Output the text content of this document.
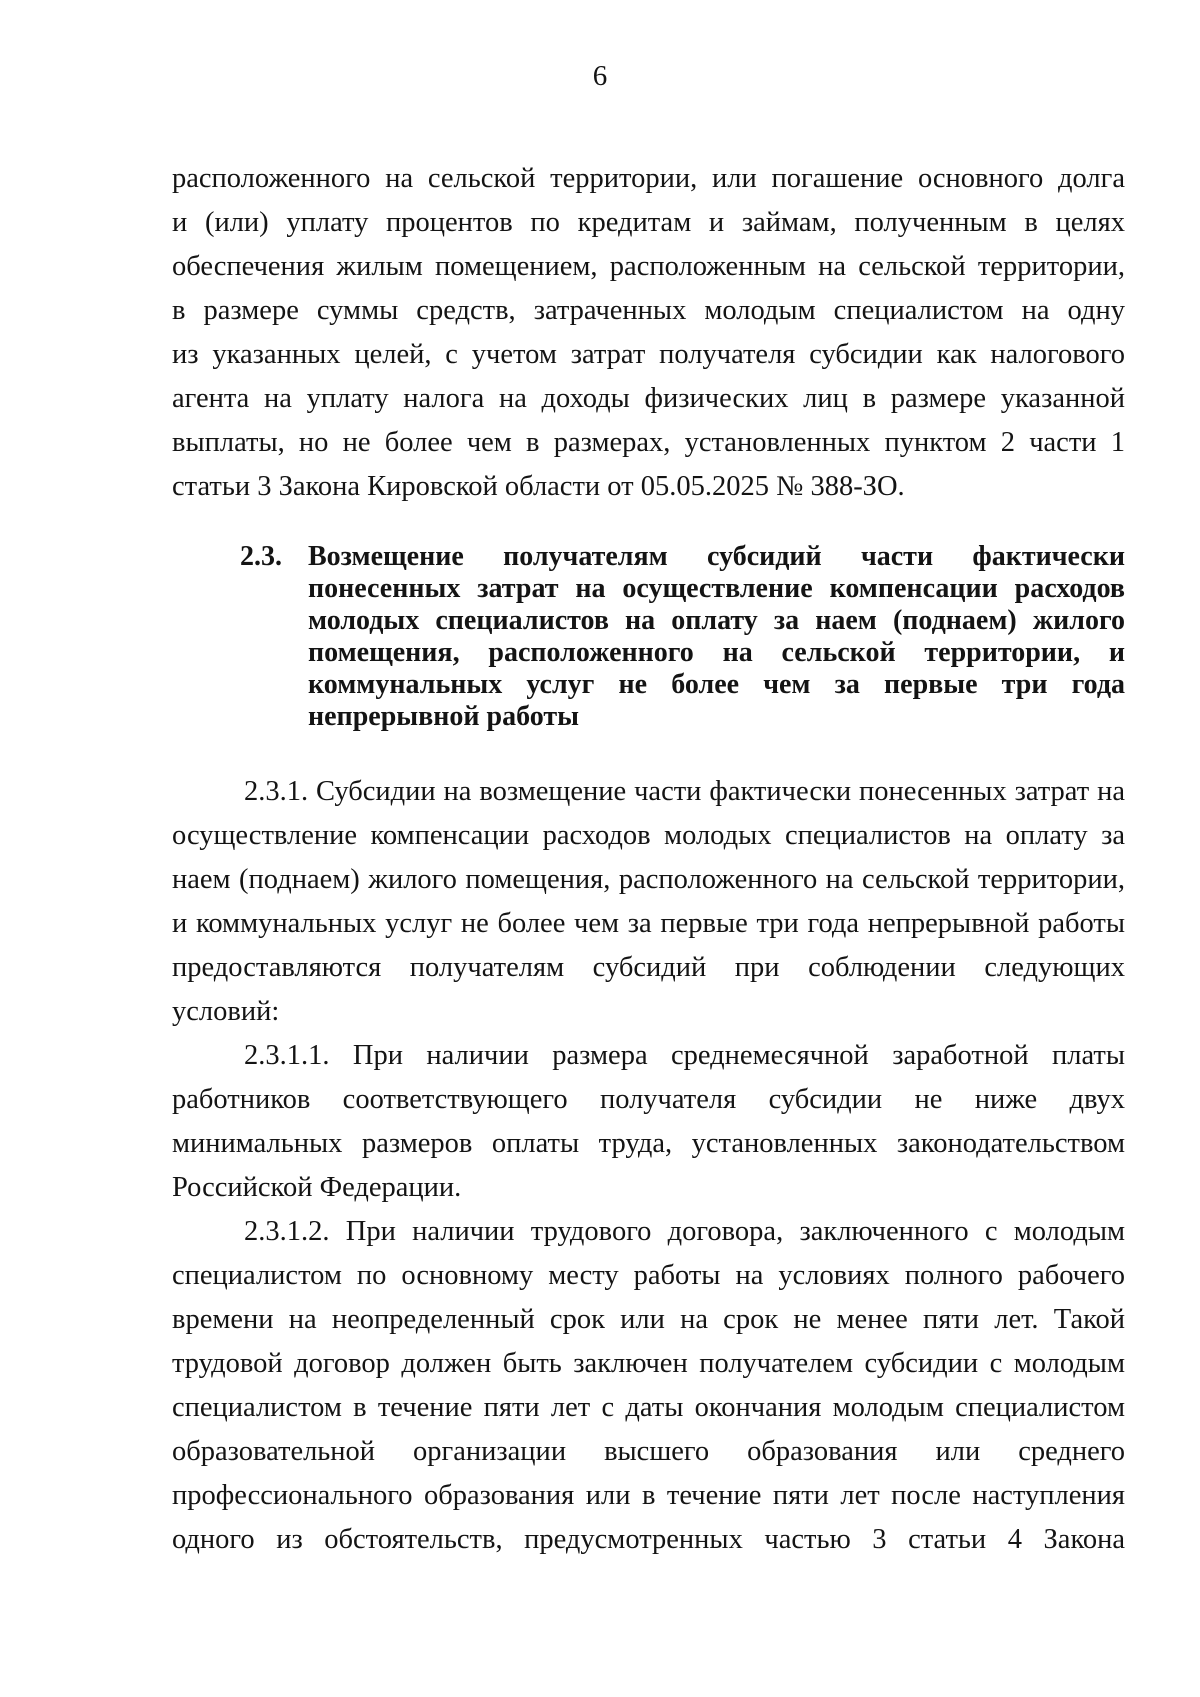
6
расположенного на сельской территории, или погашение основного долга
и (или) уплату процентов по кредитам и займам, полученным в целях
обеспечения жилым помещением, расположенным на сельской территории,
в размере суммы средств, затраченных молодым специалистом на одну
из указанных целей, с учетом затрат получателя субсидии как налогового
агента на уплату налога на доходы физических лиц в размере указанной
выплаты, но не более чем в размерах, установленных пунктом 2 части 1
статьи 3 Закона Кировской области от 05.05.2025 № 388-ЗО.
2.3. Возмещение получателям субсидий части фактически
понесенных затрат на осуществление компенсации расходов
молодых специалистов на оплату за наем (поднаем) жилого
помещения, расположенного на сельской территории, и
коммунальных услуг не более чем за первые три года
непрерывной работы
2.3.1. Субсидии на возмещение части фактически понесенных затрат на
осуществление компенсации расходов молодых специалистов на оплату за
наем (поднаем) жилого помещения, расположенного на сельской территории,
и коммунальных услуг не более чем за первые три года непрерывной работы
предоставляются получателям субсидий при соблюдении следующих
условий:
2.3.1.1. При наличии размера среднемесячной заработной платы
работников соответствующего получателя субсидии не ниже двух
минимальных размеров оплаты труда, установленных законодательством
Российской Федерации.
2.3.1.2. При наличии трудового договора, заключенного с молодым
специалистом по основному месту работы на условиях полного рабочего
времени на неопределенный срок или на срок не менее пяти лет. Такой
трудовой договор должен быть заключен получателем субсидии с молодым
специалистом в течение пяти лет с даты окончания молодым специалистом
образовательной организации высшего образования или среднего
профессионального образования или в течение пяти лет после наступления
одного из обстоятельств, предусмотренных частью 3 статьи 4 Закона
